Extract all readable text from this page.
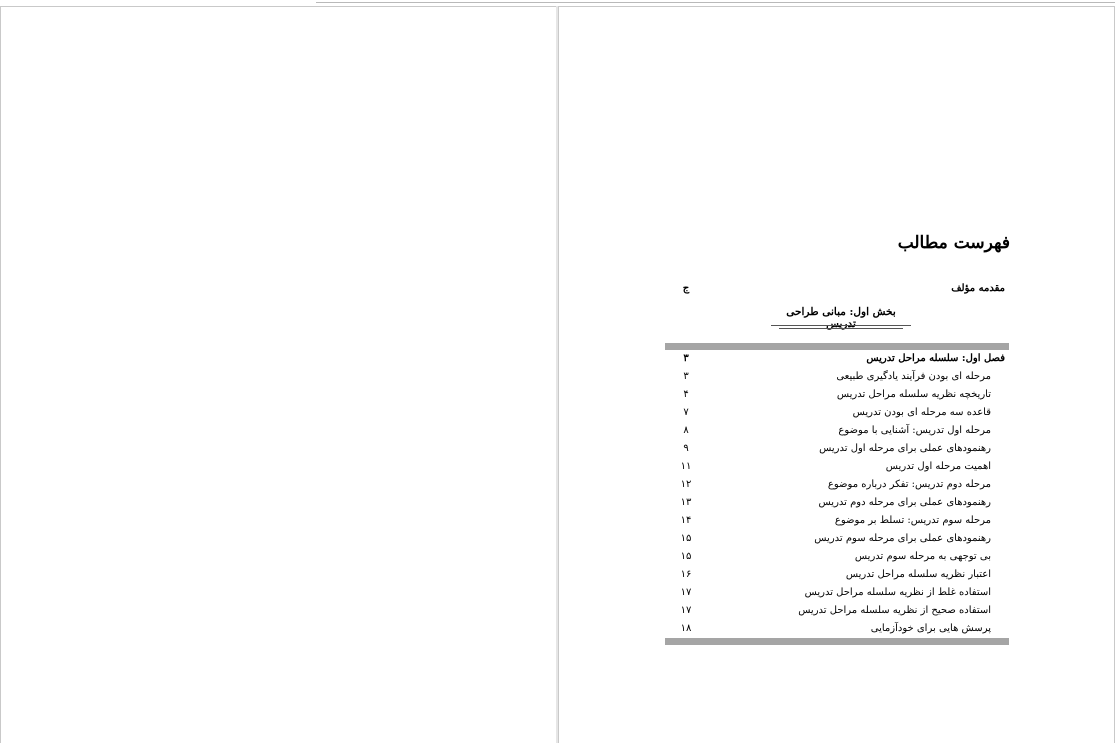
فهرست مطالب
مقدمه مؤلف
ج
بخش اول: مبانی طراحی تدریس
فصل اول: سلسله مراحل تدریس
۳
مرحله ای بودن فرآیند یادگیری طبیعی
۳
تاریخچه نظریه سلسله مراحل تدریس
۴
قاعده سه مرحله ای بودن تدریس
۷
مرحله اول تدریس: آشنایی با موضوع
۸
رهنمودهای عملی برای مرحله اول تدریس
۹
اهمیت مرحله اول تدریس
۱۱
مرحله دوم تدریس: تفکر درباره موضوع
۱۲
رهنمودهای عملی برای مرحله دوم تدریس
۱۳
مرحله سوم تدریس: تسلط بر موضوع
۱۴
رهنمودهای عملی برای مرحله سوم تدریس
۱۵
بی توجهی به مرحله سوم تدریس
۱۵
اعتبار نظریه سلسله مراحل تدریس
۱۶
استفاده غلط از نظریه سلسله مراحل تدریس
۱۷
استفاده صحیح از نظریه سلسله مراحل تدریس
۱۷
پرسش هایی برای خودآزمایی
۱۸
